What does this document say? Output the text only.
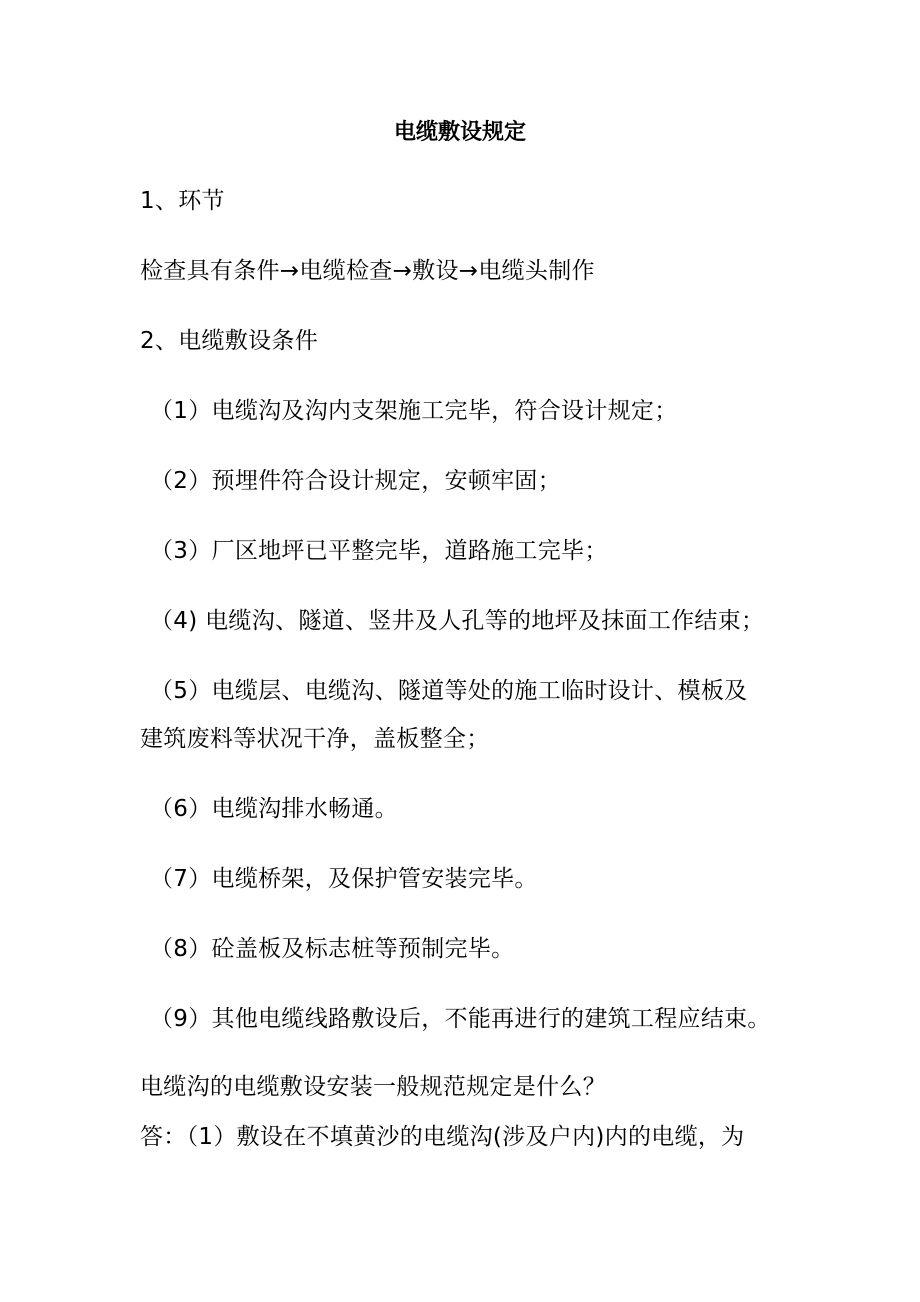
电缆敷设规定
1、环节
检查具有条件→电缆检查→敷设→电缆头制作
2、电缆敷设条件
（1）电缆沟及沟内支架施工完毕，符合设计规定；
（2）预埋件符合设计规定，安顿牢固；
（3）厂区地坪已平整完毕，道路施工完毕；
（4) 电缆沟、隧道、竖井及人孔等的地坪及抹面工作结束；
（5）电缆层、电缆沟、隧道等处的施工临时设计、模板及
建筑废料等状况干净，盖板整全；
（6）电缆沟排水畅通。
（7）电缆桥架，及保护管安装完毕。
（8）砼盖板及标志桩等预制完毕。
（9）其他电缆线路敷设后，不能再进行的建筑工程应结束。
电缆沟的电缆敷设安装一般规范规定是什么？
答：（1）敷设在不填黄沙的电缆沟(涉及户内)内的电缆，为
